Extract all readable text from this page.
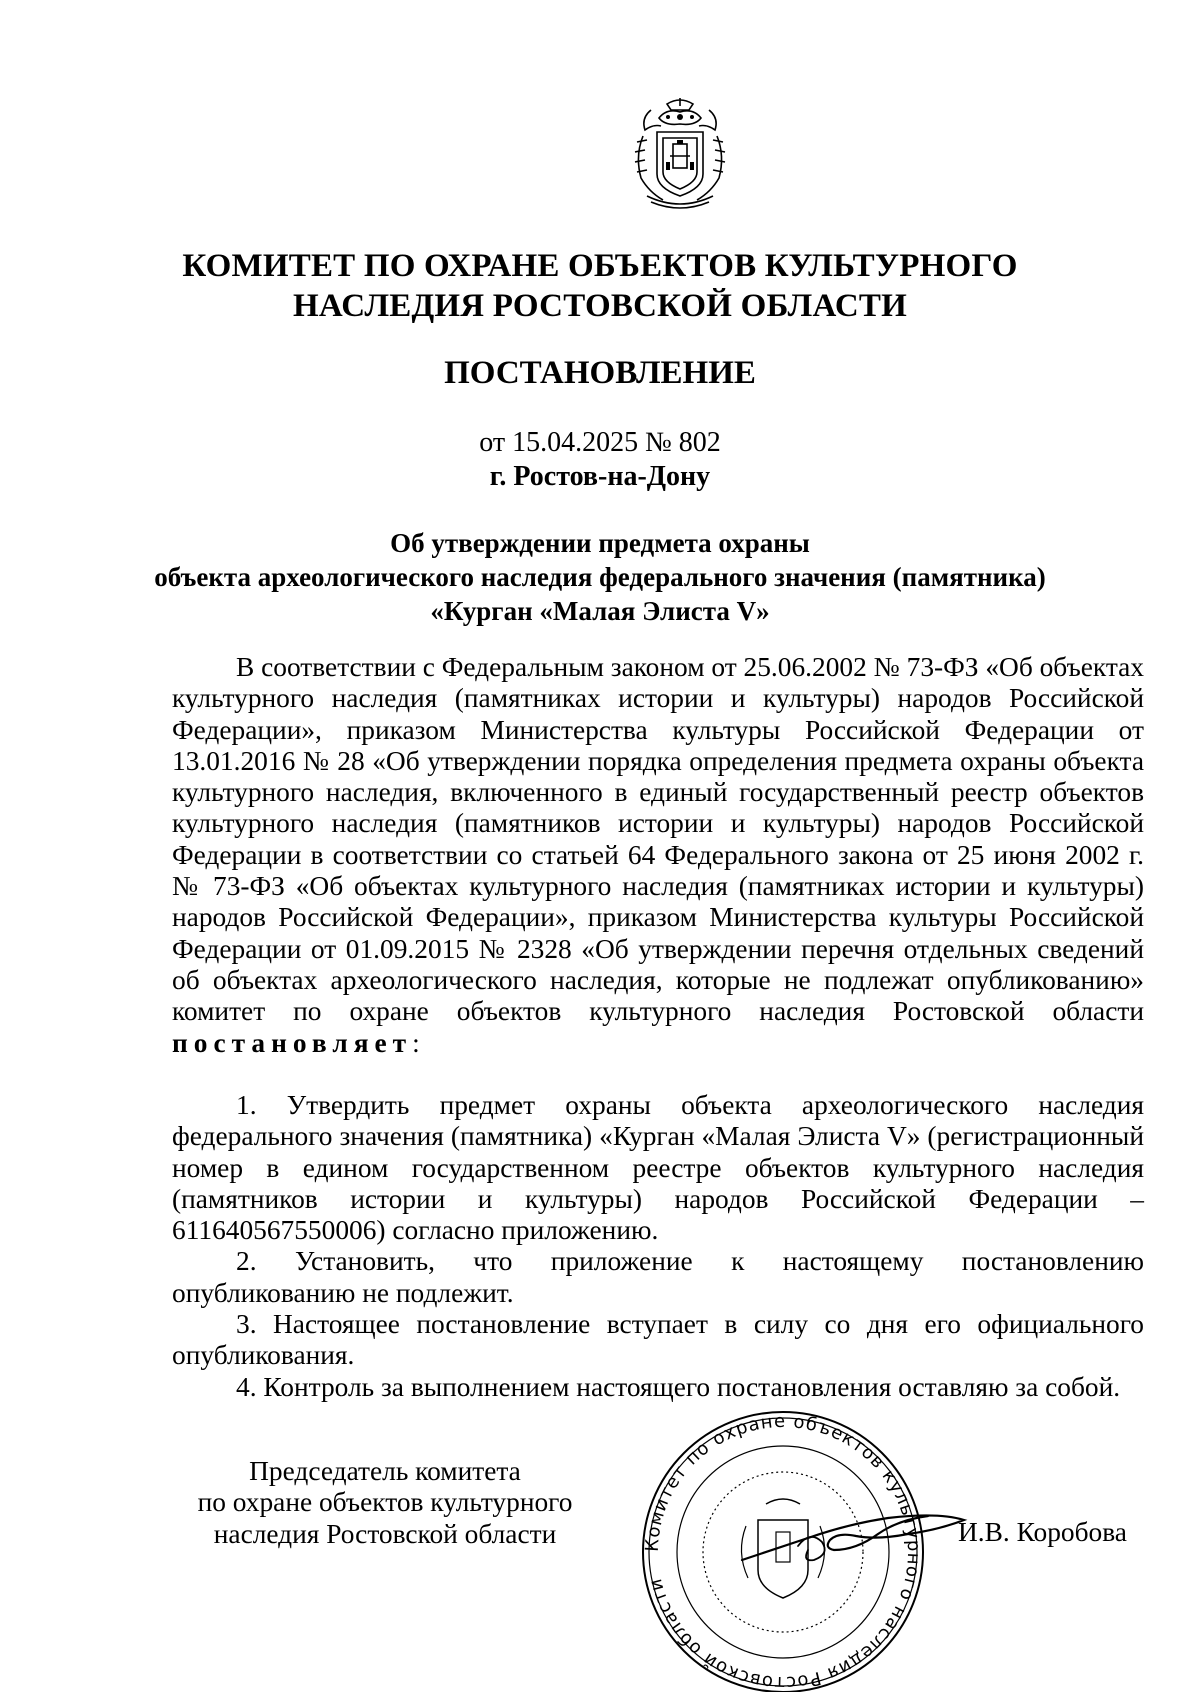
КОМИТЕТ ПО ОХРАНЕ ОБЪЕКТОВ КУЛЬТУРНОГО
НАСЛЕДИЯ РОСТОВСКОЙ ОБЛАСТИ
ПОСТАНОВЛЕНИЕ
от 15.04.2025 № 802
г. Ростов-на-Дону
Об утверждении предмета охраны
объекта археологического наследия федерального значения (памятника)
«Курган «Малая Элиста V»

В соответствии с Федеральным законом от 25.06.2002 № 73-ФЗ «Об объектах культурного наследия (памятниках истории и культуры) народов Российской Федерации», приказом Министерства культуры Российской Федерации от 13.01.2016 № 28 «Об утверждении порядка определения предмета охраны объекта культурного наследия, включенного в единый государственный реестр объектов культурного наследия (памятников истории и культуры) народов Российской Федерации в соответствии со статьей 64 Федерального закона от 25 июня 2002 г. № 73-ФЗ «Об объектах культурного наследия (памятниках истории и культуры) народов Российской Федерации», приказом Министерства культуры Российской Федерации от 01.09.2015 № 2328 «Об утверждении перечня отдельных сведений об объектах археологического наследия, которые не подлежат опубликованию» комитет по охране объектов культурного наследия Ростовской области постановляет:

1. Утвердить предмет охраны объекта археологического наследия федерального значения (памятника) «Курган «Малая Элиста V» (регистрационный номер в едином государственном реестре объектов культурного наследия (памятников истории и культуры) народов Российской Федерации – 611640567550006) согласно приложению.

2. Установить, что приложение к настоящему постановлению опубликованию не подлежит.

3. Настоящее постановление вступает в силу со дня его официального опубликования.

4. Контроль за выполнением настоящего постановления оставляю за собой.

Комитет по охране объектов культурного наследия Ростовской области
Председатель комитета
по охране объектов культурного
наследия Ростовской области	И.В. Коробова
